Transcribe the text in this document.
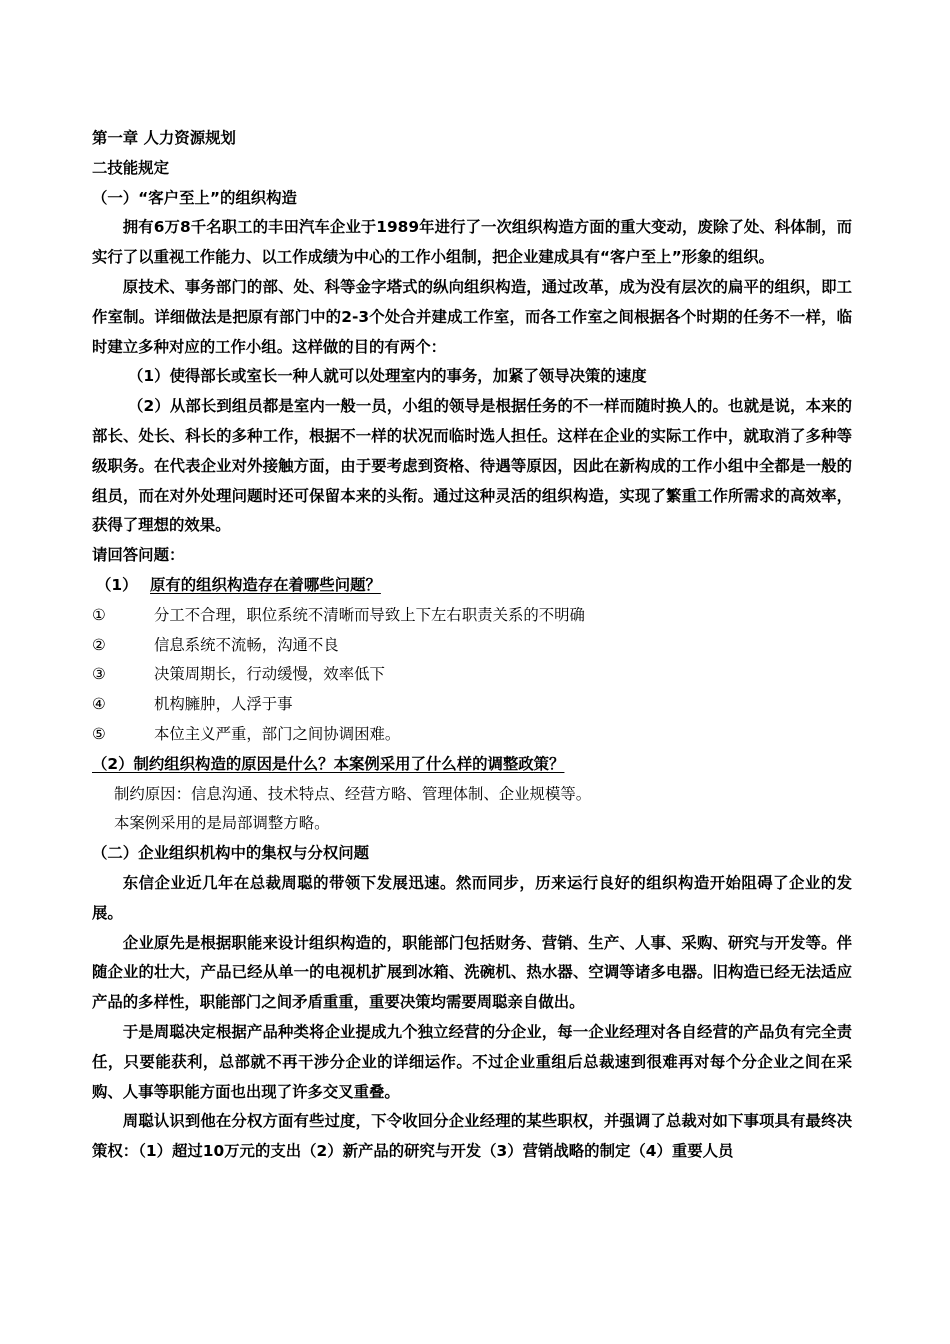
第一章 人力资源规划
二技能规定
（一）“客户至上”的组织构造

拥有6万8千名职工的丰田汽车企业于1989年进行了一次组织构造方面的重大变动，废除了处、科体制，而实行了以重视工作能力、以工作成绩为中心的工作小组制，把企业建成具有“客户至上”形象的组织。

原技术、事务部门的部、处、科等金字塔式的纵向组织构造，通过改革，成为没有层次的扁平的组织，即工作室制。详细做法是把原有部门中的2-3个处合并建成工作室，而各工作室之间根据各个时期的任务不一样，临时建立多种对应的工作小组。这样做的目的有两个：

（1）使得部长或室长一种人就可以处理室内的事务，加紧了领导决策的速度

（2）从部长到组员都是室内一般一员，小组的领导是根据任务的不一样而随时换人的。也就是说，本来的部长、处长、科长的多种工作，根据不一样的状况而临时选人担任。这样在企业的实际工作中，就取消了多种等级职务。在代表企业对外接触方面，由于要考虑到资格、待遇等原因，因此在新构成的工作小组中全都是一般的组员，而在对外处理问题时还可保留本来的头衔。通过这种灵活的组织构造，实现了繁重工作所需求的高效率，获得了理想的效果。

请回答问题：
（1） 原有的组织构造存在着哪些问题？
①	分工不合理，职位系统不清晰而导致上下左右职责关系的不明确
②	信息系统不流畅，沟通不良
③	决策周期长，行动缓慢，效率低下
④	机构臃肿，人浮于事
⑤	本位主义严重，部门之间协调困难。
（2）制约组织构造的原因是什么？本案例采用了什么样的调整政策？
制约原因：信息沟通、技术特点、经营方略、管理体制、企业规模等。
本案例采用的是局部调整方略。
（二）企业组织机构中的集权与分权问题

东信企业近几年在总裁周聪的带领下发展迅速。然而同步，历来运行良好的组织构造开始阻碍了企业的发展。

企业原先是根据职能来设计组织构造的，职能部门包括财务、营销、生产、人事、采购、研究与开发等。伴随企业的壮大，产品已经从单一的电视机扩展到冰箱、洗碗机、热水器、空调等诸多电器。旧构造已经无法适应产品的多样性，职能部门之间矛盾重重，重要决策均需要周聪亲自做出。

于是周聪决定根据产品种类将企业提成九个独立经营的分企业，每一企业经理对各自经营的产品负有完全责任，只要能获利，总部就不再干涉分企业的详细运作。不过企业重组后总裁速到很难再对每个分企业之间在采购、人事等职能方面也出现了许多交叉重叠。

周聪认识到他在分权方面有些过度，下令收回分企业经理的某些职权，并强调了总裁对如下事项具有最终决策权：（1）超过10万元的支出（2）新产品的研究与开发（3）营销战略的制定（4）重要人员
